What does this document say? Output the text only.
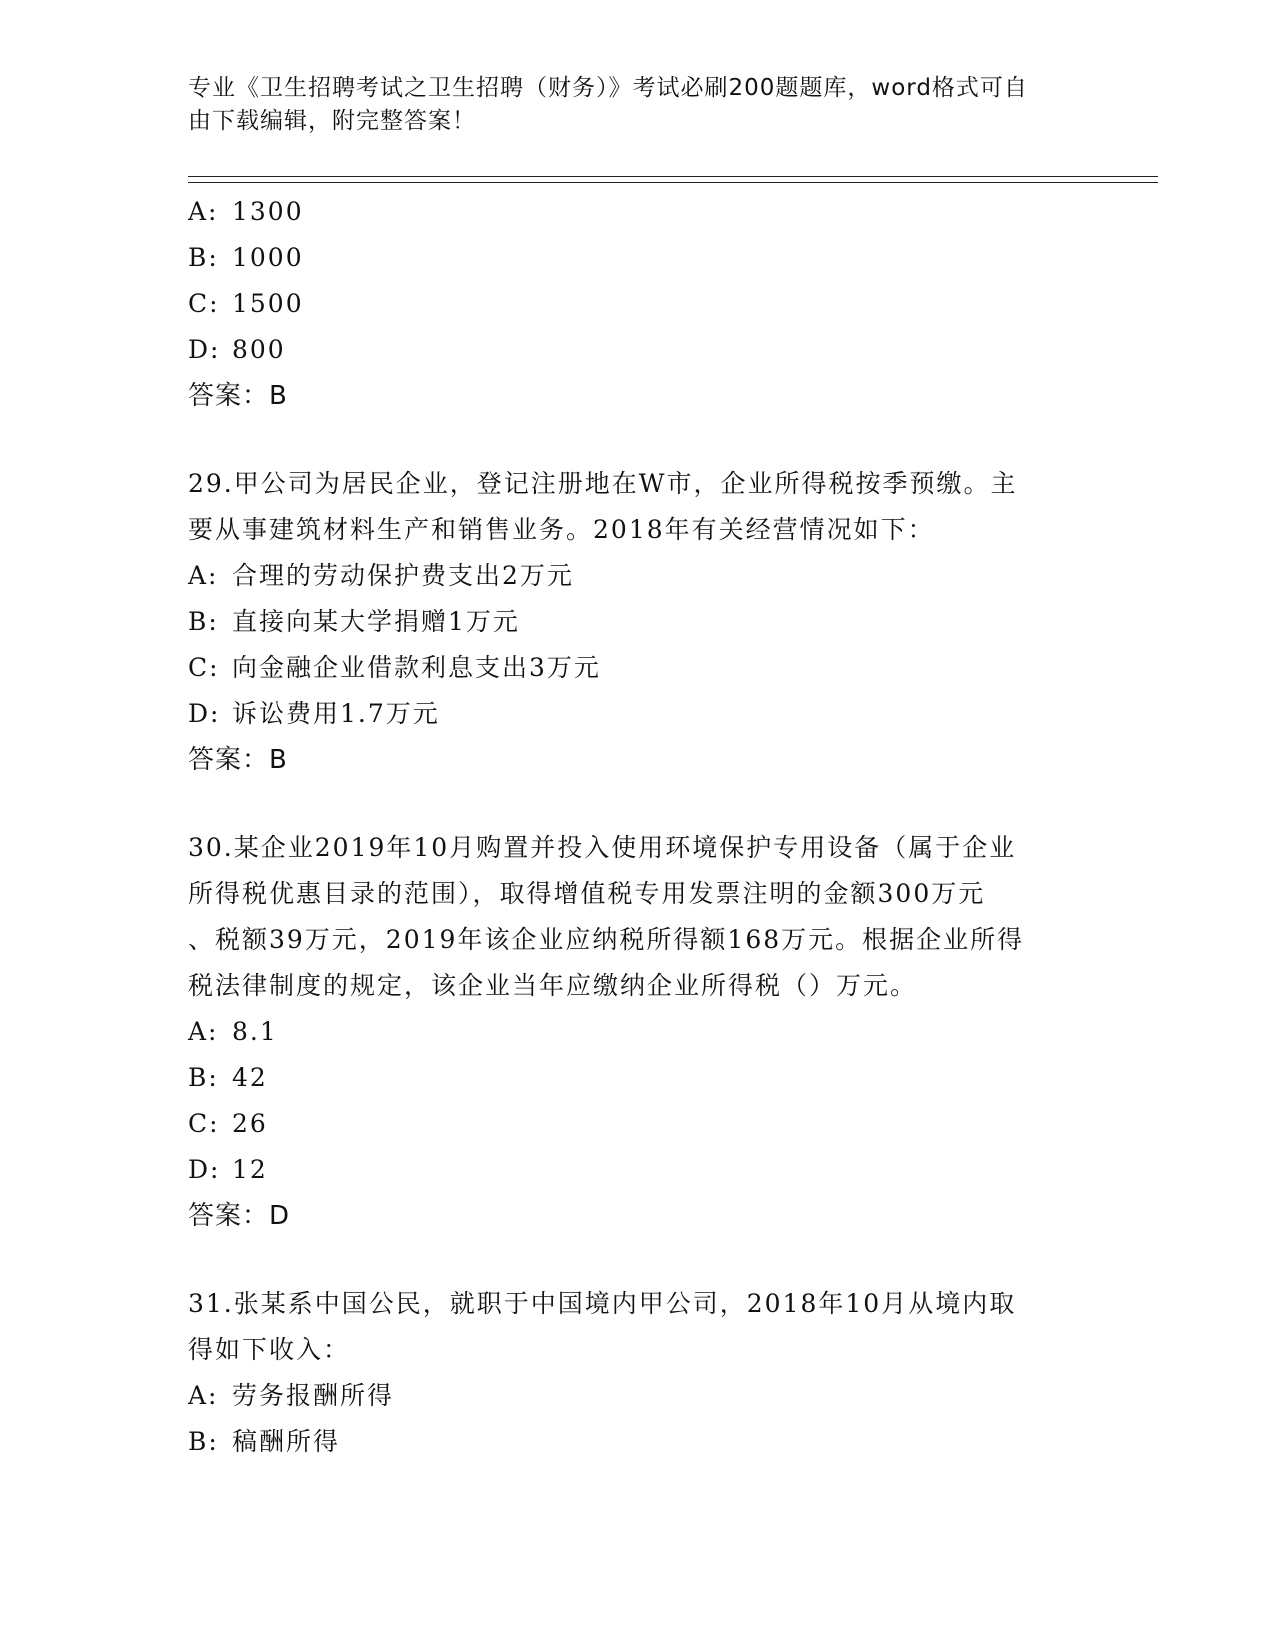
专业《卫生招聘考试之卫生招聘（财务）》考试必刷200题题库，word格式可自
由下载编辑，附完整答案！
A: 1300
B: 1000
C: 1500
D: 800
答案：B
29.甲公司为居民企业，登记注册地在W市，企业所得税按季预缴。主
要从事建筑材料生产和销售业务。2018年有关经营情况如下：
A: 合理的劳动保护费支出2万元
B: 直接向某大学捐赠1万元
C: 向金融企业借款利息支出3万元
D: 诉讼费用1.7万元
答案：B
30.某企业2019年10月购置并投入使用环境保护专用设备（属于企业
所得税优惠目录的范围），取得增值税专用发票注明的金额300万元
、税额39万元，2019年该企业应纳税所得额168万元。根据企业所得
税法律制度的规定，该企业当年应缴纳企业所得税（）万元。
A: 8.1
B: 42
C: 26
D: 12
答案：D
31.张某系中国公民，就职于中国境内甲公司，2018年10月从境内取
得如下收入：
A: 劳务报酬所得
B: 稿酬所得
